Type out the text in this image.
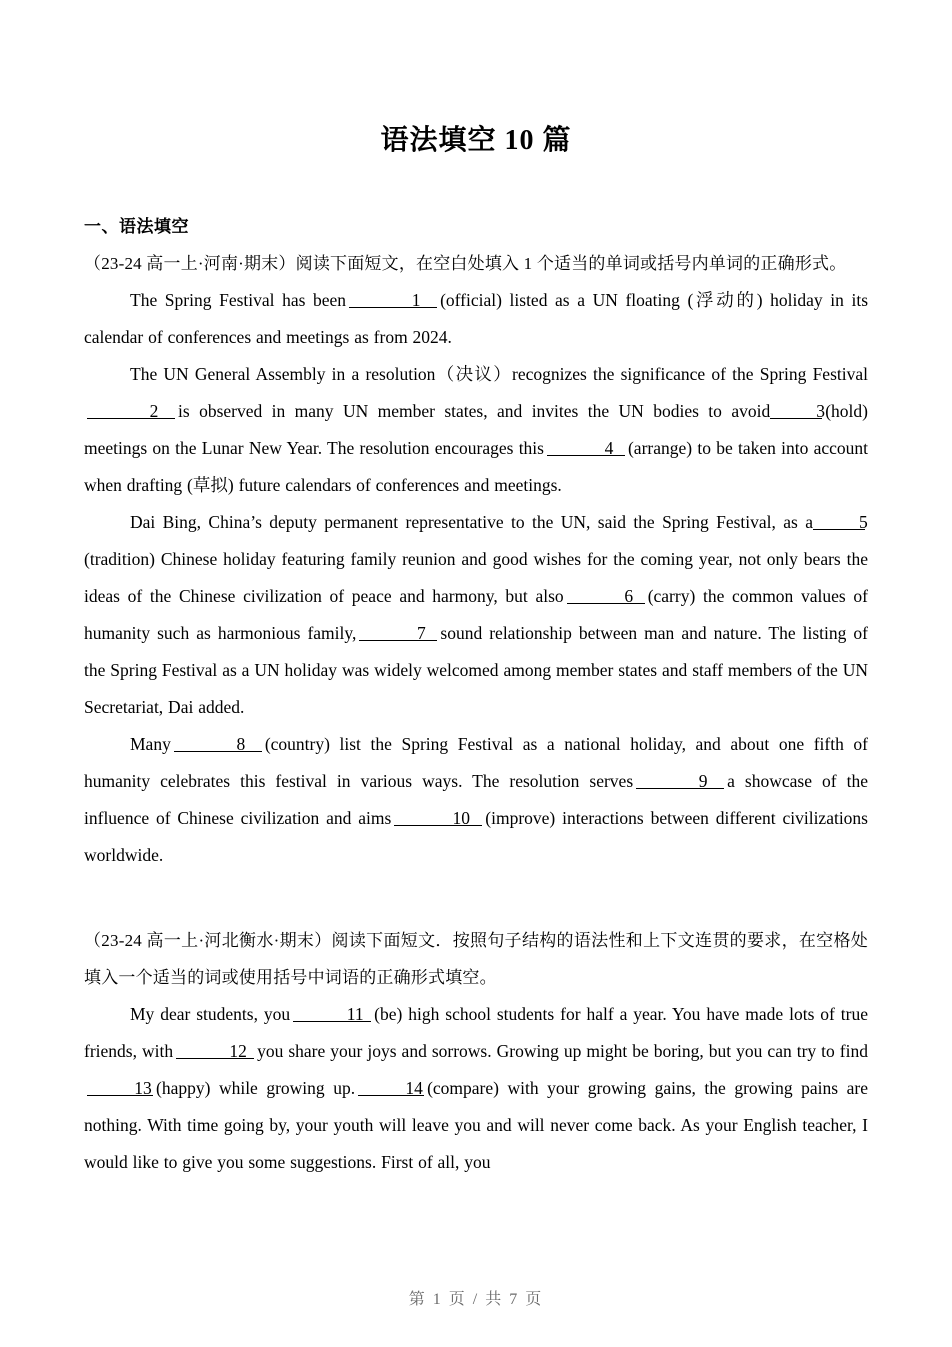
语法填空 10 篇
一、语法填空
（23-24 高一上·河南·期末）阅读下面短文，在空白处填入 1 个适当的单词或括号内单词的正确形式。
The Spring Festival has been	1 (official) listed as a UN floating (浮动的) holiday in its calendar of conferences and meetings as from 2024.
The UN General Assembly in a resolution（决议）recognizes the significance of the Spring Festival2 is observed in many UN member states, and invites the UN bodies to avoid	3(hold) meetings on the Lunar New Year. The resolution encourages this	4 (arrange) to be taken into account when drafting (草拟) future calendars of conferences and meetings.
Dai Bing, China’s deputy permanent representative to the UN, said the Spring Festival, as a	5(tradition) Chinese holiday featuring family reunion and good wishes for the coming year, not only bears the ideas of the Chinese civilization of peace and harmony, but also	6 (carry) the common values of humanity such as harmonious family,	7 sound relationship between man and nature. The listing of the Spring Festival as a UN holiday was widely welcomed among member states and staff members of the UN Secretariat, Dai added.
Many	8 (country) list the Spring Festival as a national holiday, and about one fifth of humanity celebrates this festival in various ways. The resolution serves	9 a showcase of the influence of Chinese civilization and aims	10 (improve) interactions between different civilizations worldwide.
（23-24 高一上·河北衡水·期末）阅读下面短文．按照句子结构的语法性和上下文连贯的要求，在空格处填入一个适当的词或使用括号中词语的正确形式填空。
My dear students, you	11 (be) high school students for half a year. You have made lots of true friends, with	12 you share your joys and sorrows. Growing up might be boring, but you can try to find13 (happy) while growing up.	14 (compare) with your growing gains, the growing pains are nothing. With time going by, your youth will leave you and will never come back. As your English teacher, I would like to give you some suggestions. First of all, you
第 1 页 / 共 7 页
